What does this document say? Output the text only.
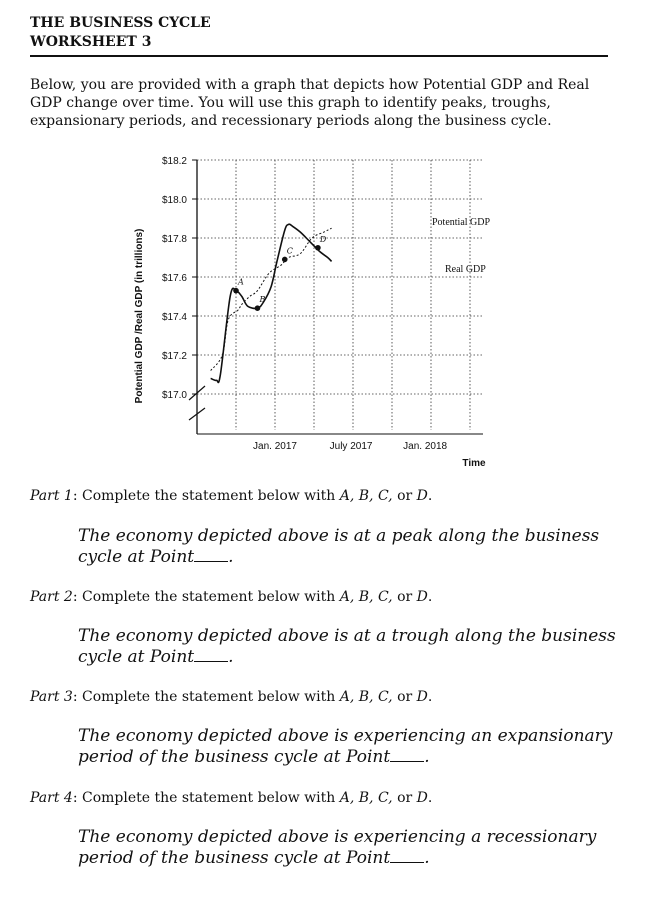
THE BUSINESS CYCLE
WORKSHEET 3
Below, you are provided with a graph that depicts how Potential GDP and Real GDP change over time. You will use this graph to identify peaks, troughs, expansionary periods, and recessionary periods along the business cycle.
Potential GDP /Real GDP (in trillions)
$18.2
$18.0
$17.8
$17.6
$17.4
$17.2
$17.0
Jan. 2017	July 2017	Jan. 2018
Time
A
B
C
D
Potential GDP
Real GDP
Part 1: Complete the statement below with A, B, C, or D.
The economy depicted above is at a peak along the business cycle at Point .
Part 2: Complete the statement below with A, B, C, or D.
The economy depicted above is at a trough along the business cycle at Point .
Part 3: Complete the statement below with A, B, C, or D.
The economy depicted above is experiencing an expansionary period of the business cycle at Point .
Part 4: Complete the statement below with A, B, C, or D.
The economy depicted above is experiencing a recessionary period of the business cycle at Point .
